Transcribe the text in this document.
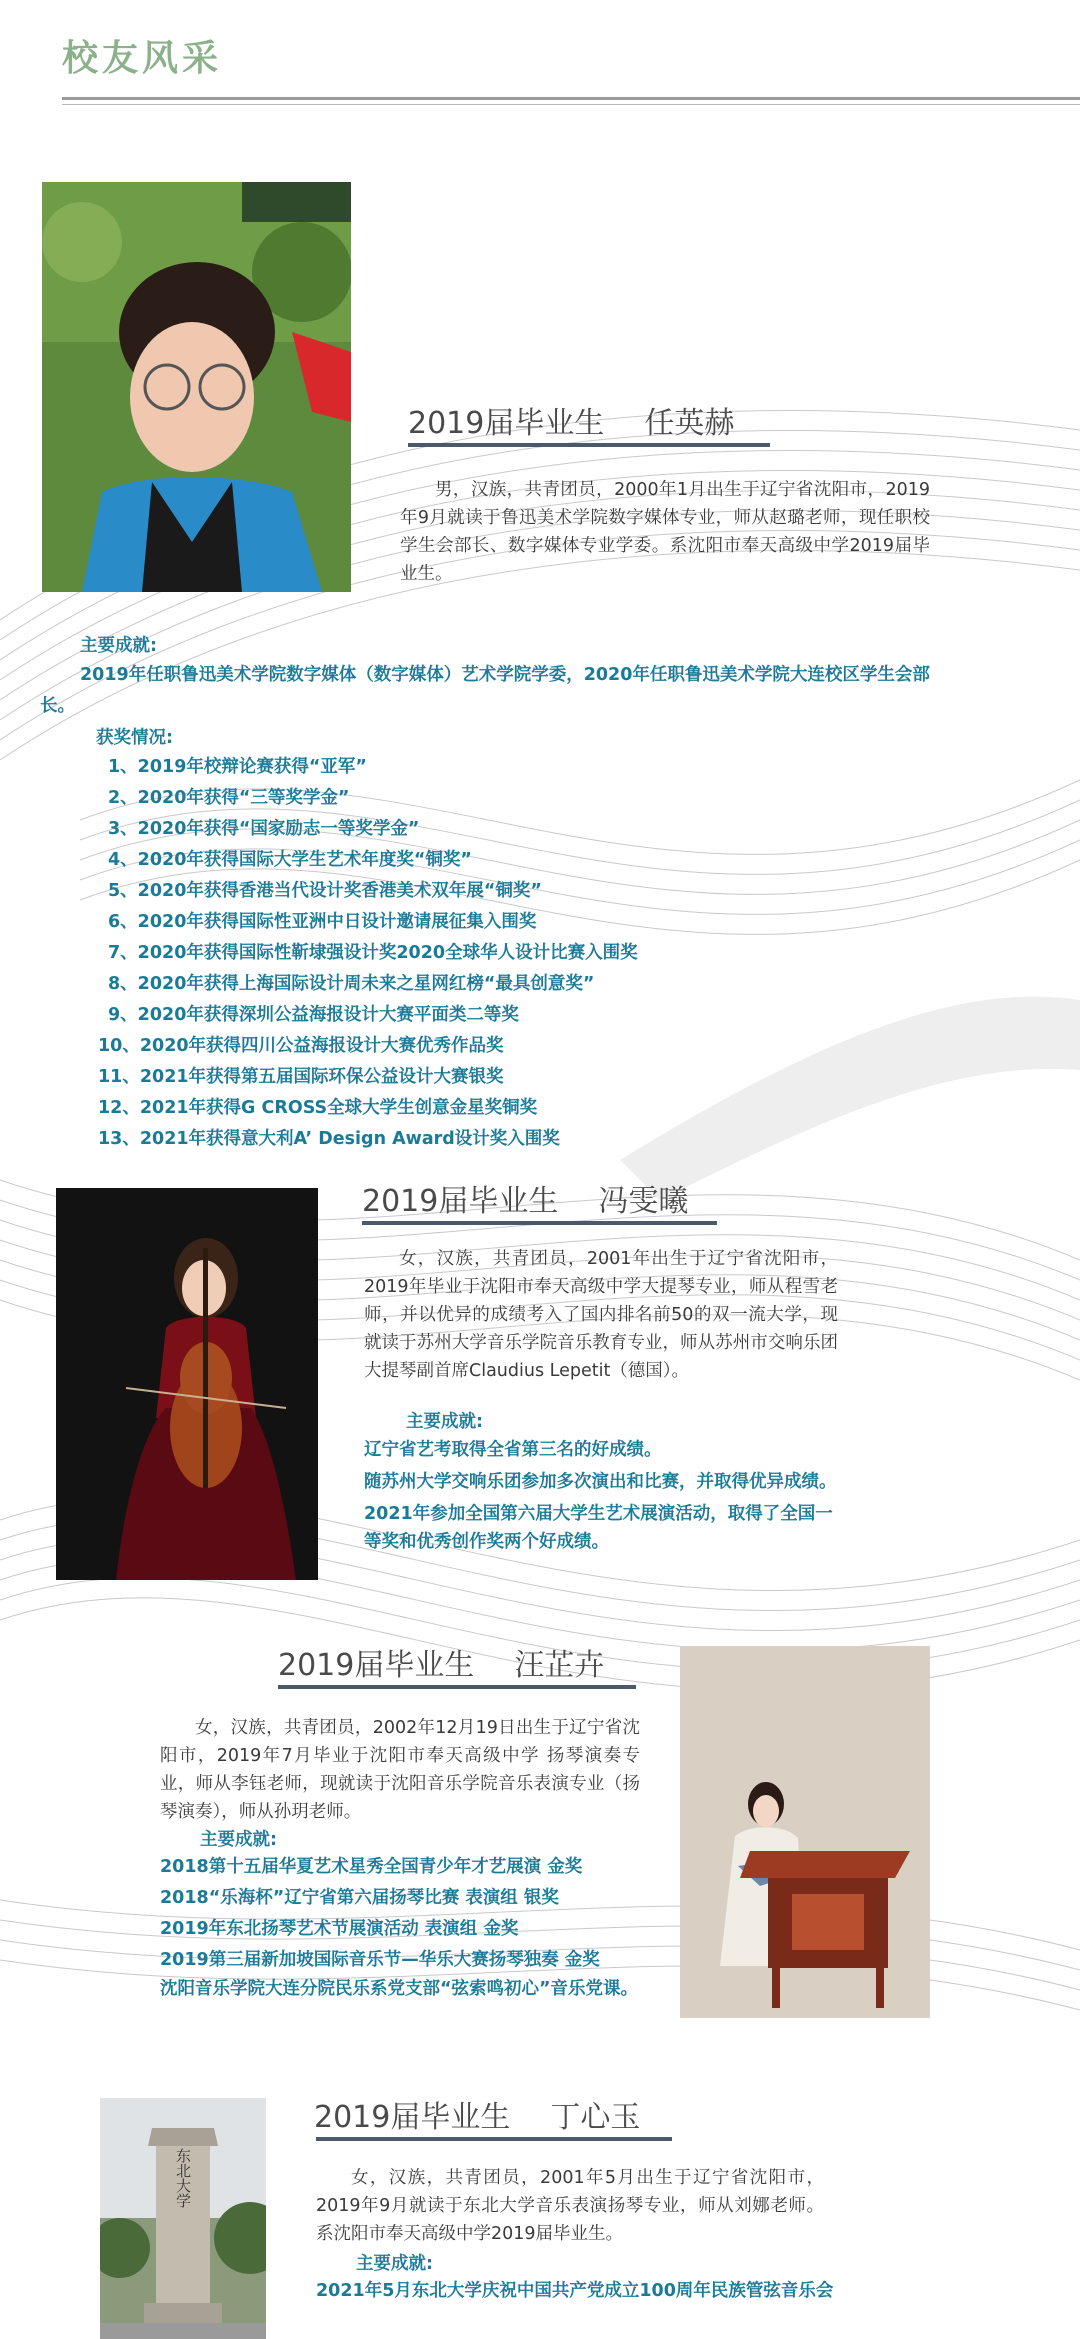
校友风采
2019届毕业生 任英赫
男，汉族，共青团员，2000年1月出生于辽宁省沈阳市，2019年9月就读于鲁迅美术学院数字媒体专业，师从赵璐老师，现任职校学生会部长、数字媒体专业学委。系沈阳市奉天高级中学2019届毕业生。
主要成就:
2019年任职鲁迅美术学院数字媒体（数字媒体）艺术学院学委，2020年任职鲁迅美术学院大连校区学生会部长。
获奖情况:
1、2019年校辩论赛获得“亚军”
2、2020年获得“三等奖学金”
3、2020年获得“国家励志一等奖学金”
4、2020年获得国际大学生艺术年度奖“铜奖”
5、2020年获得香港当代设计奖香港美术双年展“铜奖”
6、2020年获得国际性亚洲中日设计邀请展征集入围奖
7、2020年获得国际性靳埭强设计奖2020全球华人设计比赛入围奖
8、2020年获得上海国际设计周未来之星网红榜“最具创意奖”
9、2020年获得深圳公益海报设计大赛平面类二等奖
10、2020年获得四川公益海报设计大赛优秀作品奖
11、2021年获得第五届国际环保公益设计大赛银奖
12、2021年获得G CROSS全球大学生创意金星奖铜奖
13、2021年获得意大利A’ Design Award设计奖入围奖
2019届毕业生 冯雯曦
女，汉族，共青团员，2001年出生于辽宁省沈阳市，2019年毕业于沈阳市奉天高级中学大提琴专业，师从程雪老师，并以优异的成绩考入了国内排名前50的双一流大学，现就读于苏州大学音乐学院音乐教育专业，师从苏州市交响乐团大提琴副首席Claudius Lepetit（德国）。
主要成就:
辽宁省艺考取得全省第三名的好成绩。
随苏州大学交响乐团参加多次演出和比赛，并取得优异成绩。
2021年参加全国第六届大学生艺术展演活动，取得了全国一等奖和优秀创作奖两个好成绩。
2019届毕业生 汪芷卉
女，汉族，共青团员，2002年12月19日出生于辽宁省沈阳市，2019年7月毕业于沈阳市奉天高级中学 扬琴演奏专业，师从李钰老师，现就读于沈阳音乐学院音乐表演专业（扬琴演奏），师从孙玥老师。
主要成就:
2018第十五届华夏艺术星秀全国青少年才艺展演 金奖
2018“乐海杯”辽宁省第六届扬琴比赛 表演组 银奖
2019年东北扬琴艺术节展演活动 表演组 金奖
2019第三届新加坡国际音乐节—华乐大赛扬琴独奏 金奖
沈阳音乐学院大连分院民乐系党支部“弦索鸣初心”音乐党课。
东北大学
2019届毕业生 丁心玉
女，汉族，共青团员，2001年5月出生于辽宁省沈阳市，2019年9月就读于东北大学音乐表演扬琴专业，师从刘娜老师。系沈阳市奉天高级中学2019届毕业生。
主要成就:
2021年5月东北大学庆祝中国共产党成立100周年民族管弦音乐会
